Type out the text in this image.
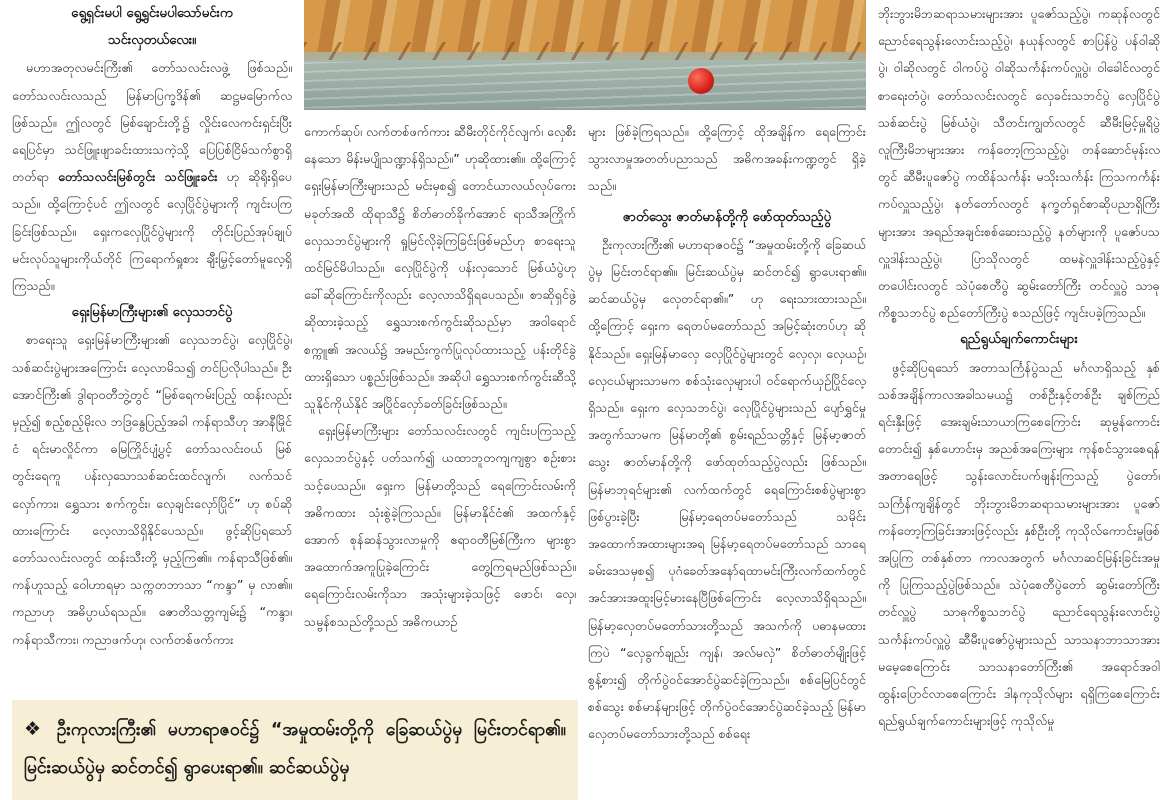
ရွေ့ရှင်းမပါ ရွေ့ရွင်းမပါသော်မင်းက
သင်းလှတယ်လေး။

မဟာအတုလမင်းကြီး၏ တော်သလင်းလဖွဲ့ ဖြစ်သည်။ တော်သလင်းလသည် မြန်မာပြက္ခဒိန်၏ ဆဋ္ဌမမြောက်လဖြစ်သည်။ ဤလတွင် မြစ်ချောင်းတို့၌ လှိုင်းလေကင်းရှင်းပြီး ရေပြင်မှာ သင်ဖြူးဖျာခင်းထားသကဲ့သို့ ပြေပြစ်ငြိမ်သက်စွာရှိတတ်ရာ တော်သလင်းမြစ်တွင်း သင်ဖြူးခင်း ဟု ဆိုရိုးရှိပေသည်။ ထို့ကြောင့်ပင် ဤလတွင် လှေပြိုင်ပွဲများကို ကျင်းပကြခြင်းဖြစ်သည်။ ရှေးကလှေပြိုင်ပွဲများကို တိုင်းပြည်အုပ်ချုပ် မင်းလုပ်သူများကိုယ်တိုင် ကြရောက်ရှုစား ချီးမြှင့်တော်မူလေ့ရှိကြသည်။

ရှေးမြန်မာကြီးများ၏ လှေသဘင်ပွဲ

စာရေးသူ ရှေးမြန်မာကြီးများ၏ လှေသဘင်ပွဲ၊ လှေပြိုင်ပွဲ၊ သစ်ဆင်းပွဲများအကြောင်း လေ့လာမိသ၍ တင်ပြလိုပါသည်။ ဦးအောင်ကြီး၏ ဒွါရာဝတီဘွဲ့တွင် “မြစ်ရေကမ်းပြည့် ထန်းလည်း မှည့်၍ စည့်စည့်မိုးလ ဘဒြနွေပြည့်အခါ ကန်ရာသီဟု အာနီမြိုင်ငံ ရင်းမာလှိုင်ကာ ဓမြကြိုင်ပျံ့ပွင့် တော်သလင်းဝယ် မြစ်တွင်းရေကူ ပန်းလှသောသစ်ဆင်းထင်လျက်၊ လက်သင်လှော်ကား၊ ရွှေသား စက်ကွင်း၊ လှေချင်းလှော်ပြိုင်” ဟု စပ်ဆိုထားကြောင်း လေ့လာသိရှိနိုင်ပေသည်။ ဖွင့်ဆိုပြရသော် တော်သလင်းလတွင် ထန်းသီးတို့ မှည့်ကြ၏။ ကန်ရာသီဖြစ်၏။ ကန်ဟူသည့် ဝေါဟာရမှာ သက္ကတဘာသာ “ကန္ဒာ” မှ လာ၏။ ကညာဟု အဓိပ္ပာယ်ရသည်။ ဇောတိသတ္တကျမ်း၌ “ကန္ဒာ၊ ကန်ရာသီကား၊ ကညာဖက်ဟု၊ လက်တစ်ဖက်ကား

ကောက်ဆုပ်၊ လက်တစ်ဖက်ကား ဆီမီးတိုင်ကိုင်လျက်၊ လှေစီးနေသော မိန်းမပျိုသဏ္ဍာန်ရှိသည်။” ဟုဆိုထား၏။ ထို့ကြောင့် ရှေးမြန်မာကြီးများသည် မင်းမှစ၍ တောင်ယာလယ်လုပ်ကေးမခုတ်အထိ ထိုရာသီ၌ စိတ်ဓာတ်ခိုက်အောင် ရာသီအကြိုက် လှေသဘင်ပွဲများကို ရှုမြင်လိုခဲ့ကြခြင်းဖြစ်မည်ဟု စာရေးသူထင်မြင်မိပါသည်။ လှေပြိုင်ပွဲကို ပန်းလှသောင် မြစ်ယံပွဲဟု ခေါ်ဆိုကြောင်းကိုလည်း လေ့လာသိရှိရပေသည်။ စာဆိုရှင်ဖွဲ့ဆိုထားခဲ့သည့် ရွှေသားစက်ကွင်းဆိုသည်မှာ အဝါရောင်စက္ကူ၏ အလယ်၌ အမည်းကွက်ပြုလုပ်ထားသည့် ပန်းတိုင်ခွဲထားရှိသော ပစ္စည်းဖြစ်သည်။ အဆိုပါ ရွှေသားစက်ကွင်းဆီသို့ သူနိုင်ကိုယ်နိုင် အပြိုင်လှော်ခတ်ခြင်းဖြစ်သည်။

ရှေးမြန်မာကြီးများ တော်သလင်းလတွင် ကျင်းပကြသည့် လှေသဘင်ပွဲနှင့် ပတ်သက်၍ ယထာဘူတကျကျစွာ စဉ်းစားသင့်ပေသည်။ ရှေးက မြန်မာတို့သည် ရေကြောင်းလမ်းကို အဓိကထား သုံးစွဲခဲ့ကြသည်။ မြန်မာနိုင်ငံ၏ အထက်နှင့်အောက် စုန်ဆန်သွားလာမှုကို ဧရာဝတီမြစ်ကြီးက များစွာ အထောက်အကူပြုခဲ့ကြောင်း တွေ့ကြရမည်ဖြစ်သည်။ ရေကြောင်းလမ်းကိုသာ အသုံးများခဲ့သဖြင့် ဖောင်၊ လှေ၊ သမ္ဗန်စသည်တို့သည် အဓိကယာဉ်

များ ဖြစ်ခဲ့ကြရသည်။ ထို့ကြောင့် ထိုအချိန်က ရေကြောင်းသွားလာမှုအတတ်ပညာသည် အဓိကအခန်းကဏ္ဍတွင် ရှိခဲ့သည်။

ဇာတ်သွေး ဇာတ်မာန်တို့ကို ဖော်ထုတ်သည့်ပွဲ

ဦးကုလားကြီး၏ မဟာရာဇဝင်၌ “အမှုထမ်းတို့ကို ခြေဆယ်ပွဲမှ မြင်းတင်ရာ၏။ မြင်းဆယ်ပွဲမှ ဆင်တင်၍ ရွာပေးရာ၏။ ဆင်ဆယ်ပွဲမှ လှေတင်ရာ၏။” ဟု ရေးသားထားသည်။ ထို့ကြောင့် ရှေးက ရေတပ်မတော်သည် အမြင့်ဆုံးတပ်ဟု ဆိုနိုင်သည်။ ရှေးမြန်မာလှေ လှေပြိုင်ပွဲများတွင် လှေလှ၊ လှေယဉ်၊ လှေငယ်များသာမက စစ်သုံးလှေများပါ ဝင်ရောက်ယှဉ်ပြိုင်လေ့ရှိသည်။ ရှေးက လှေသဘင်ပွဲ၊ လှေပြိုင်ပွဲများသည် ပျော်ရွှင်မှုအတွက်သာမက မြန်မာတို့၏ စွမ်းရည်သတ္တိနှင့် မြန်မာ့ဇာတ်သွေး ဇာတ်မာန်တို့ကို ဖော်ထုတ်သည့်ပွဲလည်း ဖြစ်သည်။ မြန်မာဘုရင်များ၏ လက်ထက်တွင် ရေကြောင်းစစ်ပွဲများစွာ ဖြစ်ပွားခဲ့ပြီး မြန်မာ့ရေတပ်မတော်သည် သမိုင်းအထောက်အထားများအရ မြန်မာ့ရေတပ်မတော်သည် သာရေခမ်းဒေသမှစ၍ ပုဂံခေတ်အနော်ရထာမင်းကြီးလက်ထက်တွင် အင်အားအထူးမြင့်မားနေပြီဖြစ်ကြောင်း လေ့လာသိရှိရသည်။ မြန်မာ့လှေတပ်မတော်သားတို့သည် အသက်ကို ပဓာနမထားကြပဲ “လှေခွက်ချည်း ကျန်၊ အလ်မလှဲ” စိတ်ဓာတ်မျိုးဖြင့် စွန့်စား၍ တိုက်ပွဲဝင်အောင်ပွဲဆင်ခဲ့ကြသည်။ စစ်မြေပြင်တွင် စစ်သွေး စစ်မာန်များဖြင့် တိုက်ပွဲဝင်အောင်ပွဲဆင်ခဲ့သည့် မြန်မာလှေတပ်မတော်သားတို့သည် စစ်ရေး

ဘိုးဘွားမိဘဆရာသမားများအား ပူဇော်သည့်ပွဲ၊ ကဆုန်လတွင် ညောင်ရေသွန်းလောင်းသည့်ပွဲ၊ နယုန်လတွင် စာပြန်ပွဲ ပန်ဝါဆိုပွဲ၊ ဝါဆိုလတွင် ဝါကပ်ပွဲ ဝါဆိုသင်္ကန်းကပ်လှူပွဲ၊ ဝါခေါင်လတွင် စာရေးတံပွဲ၊ တော်သလင်းလတွင် လှေခင်းသဘင်ပွဲ လှေပြိုင်ပွဲ သစ်ဆင်းပွဲ မြစ်ယံပွဲ၊ သီတင်းကျွတ်လတွင် ဆီမီးမြင့်မှူရိပွဲ လူကြီးမိဘများအား ကန်တော့ကြသည့်ပွဲ၊ တန်ဆောင်မုန်းလတွင် ဆီမီးပူဇော်ပွဲ ကထိန်သင်္ကန်း မသိုးသင်္ကန်း ကြသကင်္ကန်း ကပ်လှူသည့်ပွဲ၊ နတ်တော်လတွင် နက္ခတ်ရှင်စာဆိုပညာရှိကြီးများအား အရည်အချင်းစစ်ဆေးသည့်ပွဲ နတ်များကို ပူဇော်ပသလှူဒါန်းသည့်ပွဲ၊ ပြာသိုလတွင် ထမနဲလှူဒါန်းသည့်ပွဲနှင့် တပေါင်းလတွင် သဲပုံစေတီပွဲ ဆွမ်းတော်ကြီး တင်လှူပွဲ သာဓုကိစ္စသဘင်ပွဲ စည်တော်ကြီးပွဲ စသည်ဖြင့် ကျင်းပခဲ့ကြသည်။

ရည်ရွယ်ချက်ကောင်းများ

ဖွင့်ဆိုပြရသော် အတာသင်္ကြန်ပွဲသည် မင်္ဂလာရှိသည့် နှစ်သစ်အချိန်ကာလအခါသမယ၌ တစ်ဦးနှင့်တစ်ဦး ချစ်ကြည်ရင်းနှီးဖြင့် အေးချမ်းသာယာကြစေကြောင်း ဆုမွန်ကောင်းတောင်း၍ နှစ်ဟောင်းမှ အညစ်အကြေးများ ကုန်စင်သွားစေရန် အတာရေဖြင့် သွန်းလောင်းပက်ဖျန်းကြသည့် ပွဲတော်၊ သင်္ကြန်ကျချိန်တွင် ဘိုးဘွားမိဘဆရာသမားများအား ပူဇော်ကန်တော့ကြခြင်းအားဖြင့်လည်း နှစ်ဦးတို့ ကုသိုလ်ကောင်းမှုဖြစ် အပြုကြ တစ်နှစ်တာ ကာလအတွက် မင်္ဂလာဆင်မြန်းခြင်းအမှုကို ပြုကြသည့်ပွဲဖြစ်သည်။ သဲပုံစေတီပွဲတော် ဆွမ်းတော်ကြီးတင်လှူပွဲ သာဓုကိစ္စသဘင်ပွဲ ညောင်ရေသွန်းလောင်းပွဲ သင်္ကန်းကပ်လှူပွဲ ဆီမီးပူဇော်ပွဲများသည် သာသနာဘာသာအား မမေ့စေကြောင်း သာသနာတော်ကြီး၏ အရောင်အဝါ ထွန်းပြောင်လာစေကြောင်း ဒါနကုသိုလ်များ ရရှိကြစေကြောင်း ရည်ရွယ်ချက်ကောင်းများဖြင့် ကုသိုလ်မှု

❖ ဦးကုလားကြီး၏ မဟာရာဇဝင်၌ “အမှုထမ်းတို့ကို ခြေဆယ်ပွဲမှ မြင်းတင်ရာ၏။ မြင်းဆယ်ပွဲမှ ဆင်တင်၍ ရွာပေးရာ၏။ ဆင်ဆယ်ပွဲမှ
